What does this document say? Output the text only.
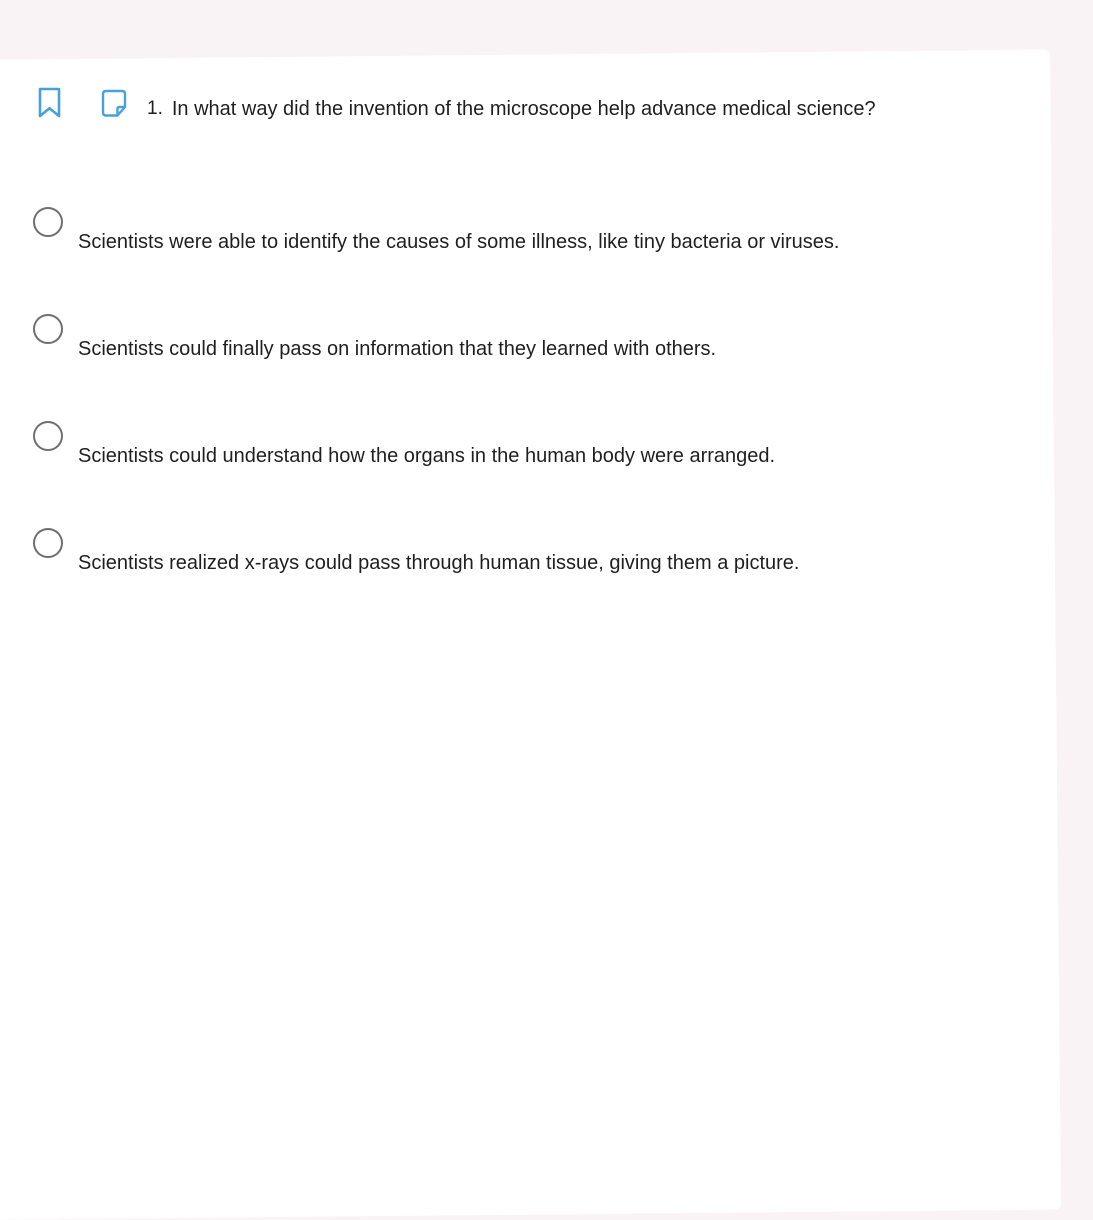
1. In what way did the invention of the microscope help advance medical science?
Scientists were able to identify the causes of some illness, like tiny bacteria or viruses.
Scientists could finally pass on information that they learned with others.
Scientists could understand how the organs in the human body were arranged.
Scientists realized x-rays could pass through human tissue, giving them a picture.
